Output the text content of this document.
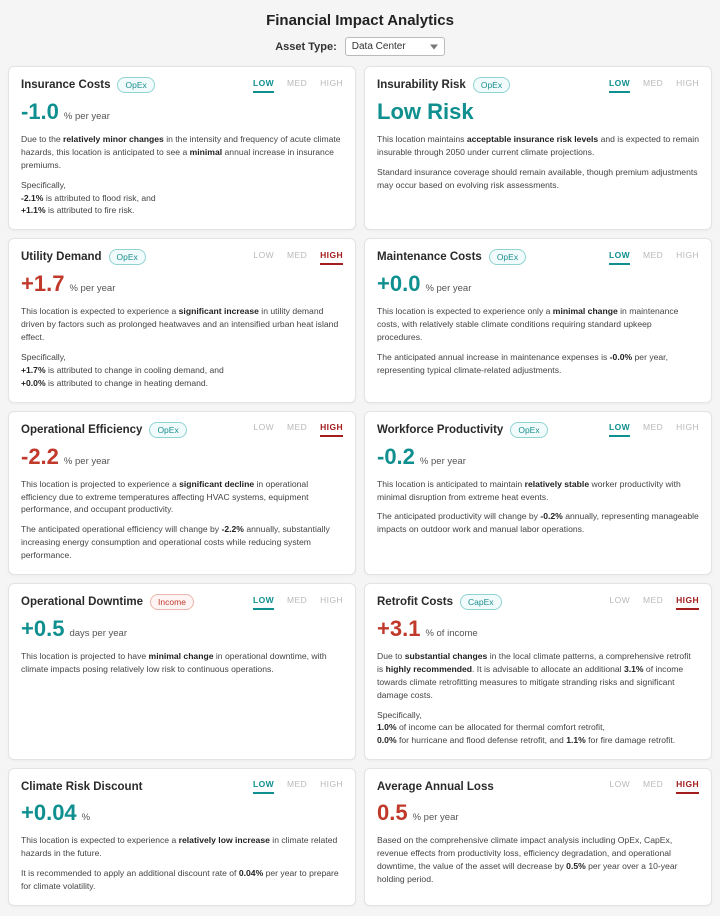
Financial Impact Analytics
Asset Type: Data Center
Insurance Costs	OpEx	LOW MED HIGH
-1.0 % per year

Due to the relatively minor changes in the intensity and frequency of acute climate hazards, this location is anticipated to see a minimal annual increase in insurance premiums.

Specifically,
-2.1% is attributed to flood risk, and
+1.1% is attributed to fire risk.

Insurability Risk	OpEx	LOW MED HIGH
Low Risk

This location maintains acceptable insurance risk levels and is expected to remain insurable through 2050 under current climate projections.

Standard insurance coverage should remain available, though premium adjustments may occur based on evolving risk assessments.

Utility Demand	OpEx	LOW MED HIGH
+1.7 % per year

This location is expected to experience a significant increase in utility demand driven by factors such as prolonged heatwaves and an intensified urban heat island effect.

Specifically,
+1.7% is attributed to change in cooling demand, and
+0.0% is attributed to change in heating demand.

Maintenance Costs	OpEx	LOW MED HIGH
+0.0 % per year

This location is expected to experience only a minimal change in maintenance costs, with relatively stable climate conditions requiring standard upkeep procedures.

The anticipated annual increase in maintenance expenses is -0.0% per year, representing typical climate-related adjustments.

Operational Efficiency	OpEx	LOW MED HIGH
-2.2 % per year

This location is projected to experience a significant decline in operational efficiency due to extreme temperatures affecting HVAC systems, equipment performance, and occupant productivity.

The anticipated operational efficiency will change by -2.2% annually, substantially increasing energy consumption and operational costs while reducing system performance.

Workforce Productivity	OpEx	LOW MED HIGH
-0.2 % per year

This location is anticipated to maintain relatively stable worker productivity with minimal disruption from extreme heat events.

The anticipated productivity will change by -0.2% annually, representing manageable impacts on outdoor work and manual labor operations.

Operational Downtime	Income	LOW MED HIGH
+0.5 days per year

This location is projected to have minimal change in operational downtime, with climate impacts posing relatively low risk to continuous operations.

Retrofit Costs	CapEx	LOW MED HIGH
+3.1 % of income

Due to substantial changes in the local climate patterns, a comprehensive retrofit is highly recommended. It is advisable to allocate an additional 3.1% of income towards climate retrofitting measures to mitigate stranding risks and significant damage costs.

Specifically,
1.0% of income can be allocated for thermal comfort retrofit,
0.0% for hurricane and flood defense retrofit, and 1.1% for fire damage retrofit.

Climate Risk Discount	LOW MED HIGH
+0.04 %

This location is expected to experience a relatively low increase in climate related hazards in the future.

It is recommended to apply an additional discount rate of 0.04% per year to prepare for climate volatility.

Average Annual Loss	LOW MED HIGH
0.5 % per year

Based on the comprehensive climate impact analysis including OpEx, CapEx, revenue effects from productivity loss, efficiency degradation, and operational downtime, the value of the asset will decrease by 0.5% per year over a 10-year holding period.
